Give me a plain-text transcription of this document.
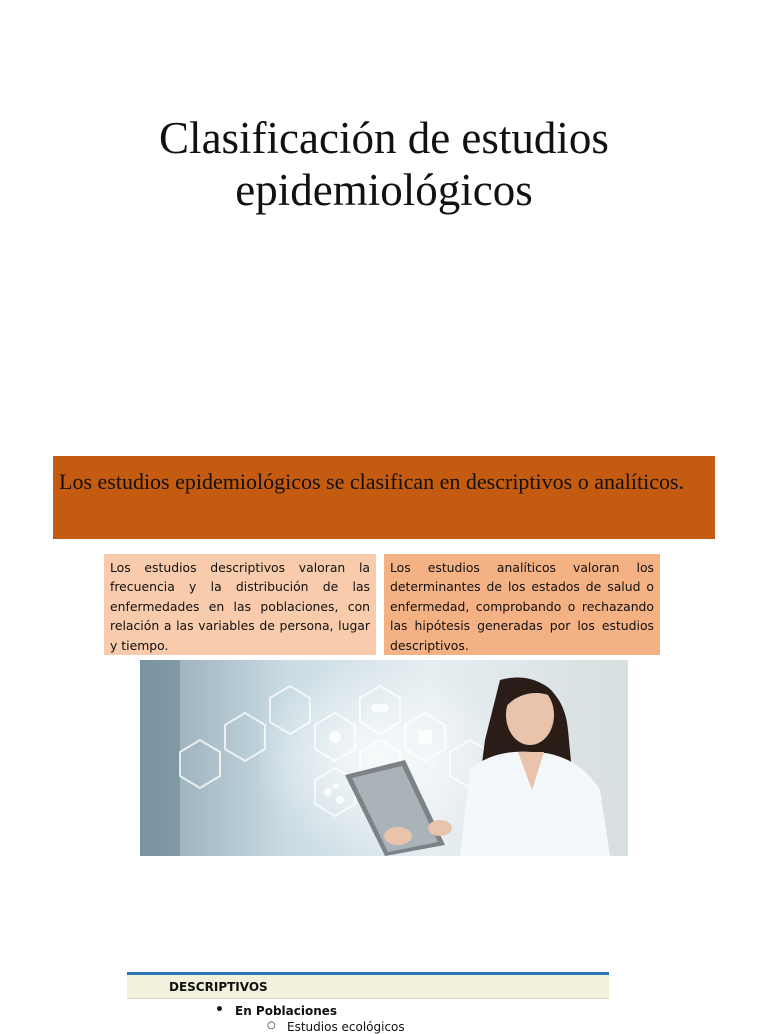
Clasificación de estudios
epidemiológicos

Los estudios epidemiológicos se clasifican en descriptivos o analíticos.

Los estudios descriptivos valoran la frecuencia y la distribución de las enfermedades en las poblaciones, con relación a las variables de persona, lugar y tiempo.
Los estudios analíticos valoran los determinantes de los estados de salud o enfermedad, comprobando o rechazando las hipótesis generadas por los estudios descriptivos.
DESCRIPTIVOS
• En Poblaciones
○ Estudios ecológicos
